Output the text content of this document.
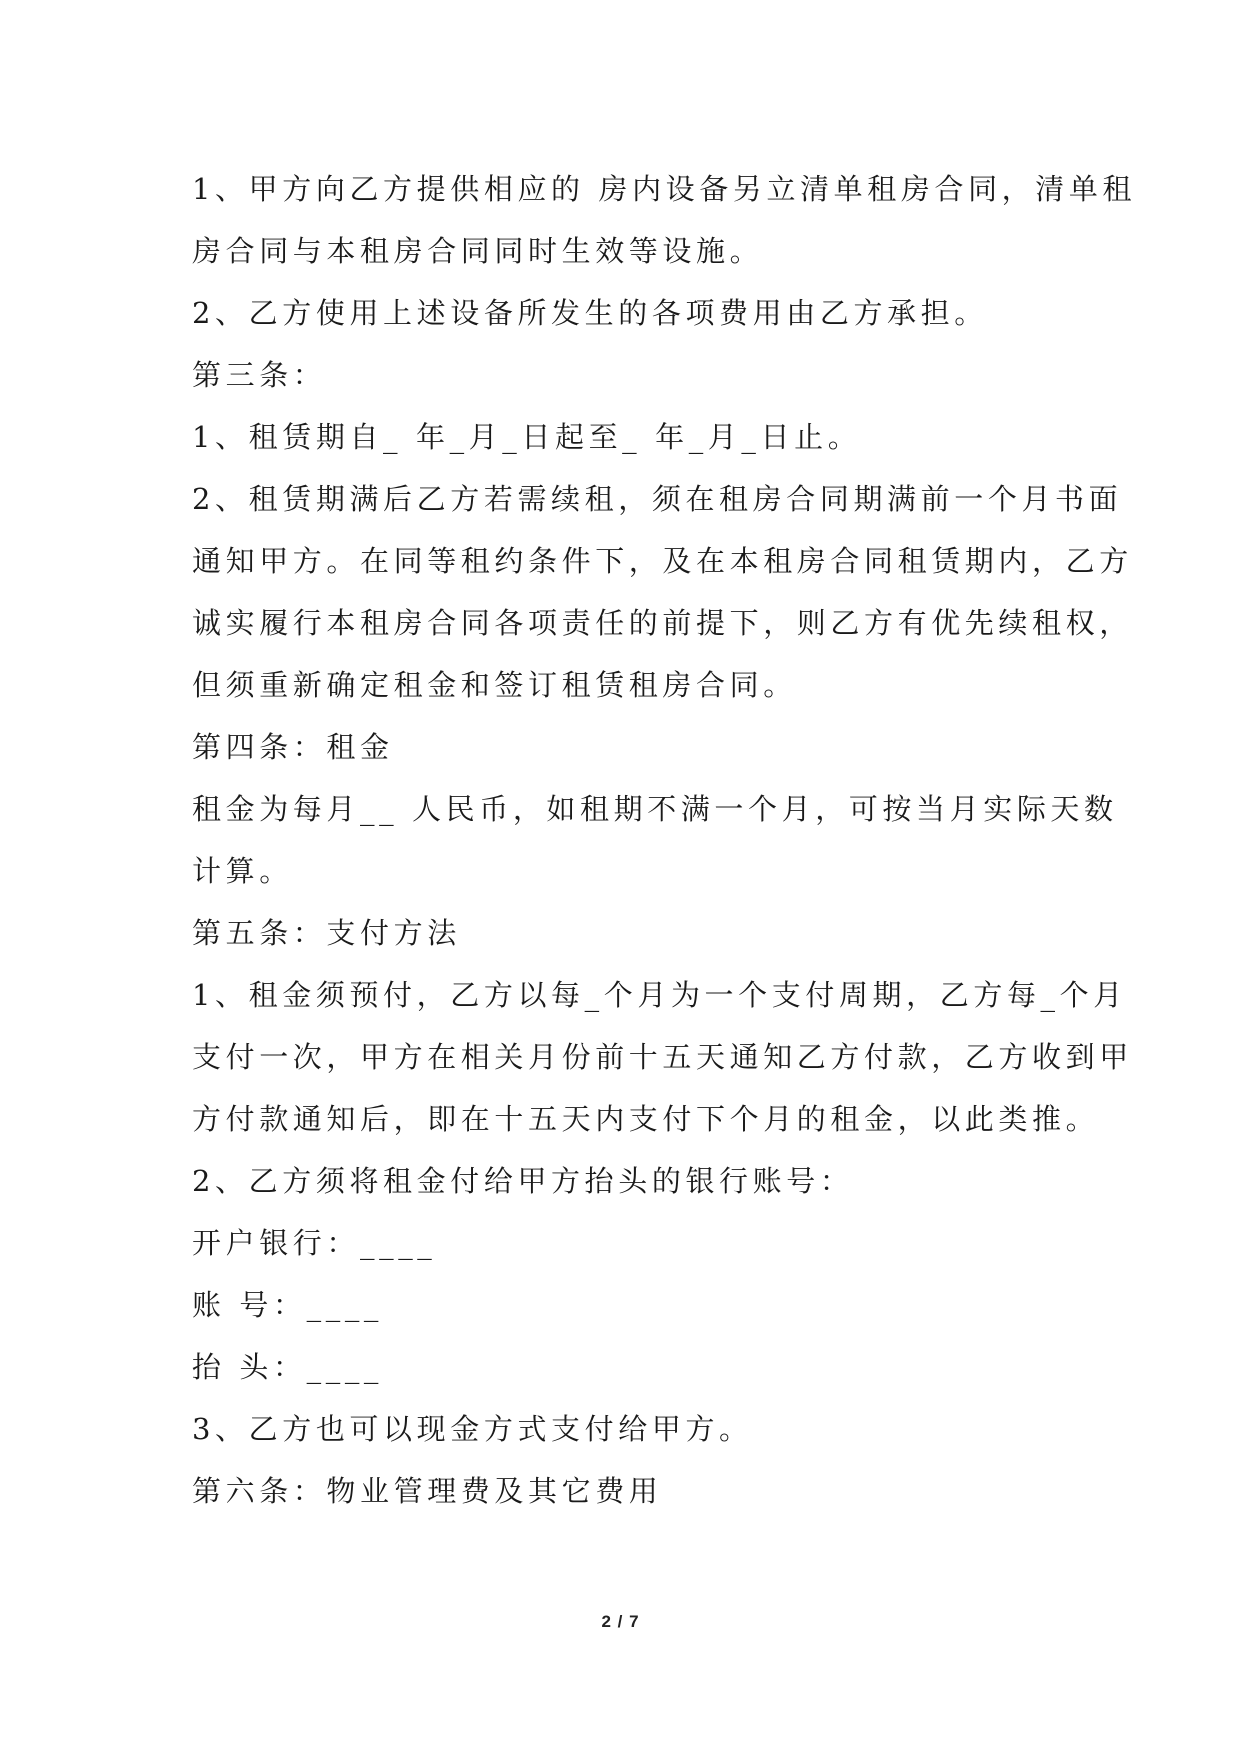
1、甲方向乙方提供相应的 房内设备另立清单租房合同，清单租

房合同与本租房合同同时生效等设施。

2、乙方使用上述设备所发生的各项费用由乙方承担。

第三条：

1、租赁期自_ 年_月_日起至_ 年_月_日止。

2、租赁期满后乙方若需续租，须在租房合同期满前一个月书面

通知甲方。在同等租约条件下，及在本租房合同租赁期内，乙方

诚实履行本租房合同各项责任的前提下，则乙方有优先续租权，

但须重新确定租金和签订租赁租房合同。

第四条：租金

租金为每月__ 人民币，如租期不满一个月，可按当月实际天数

计算。

第五条：支付方法

1、租金须预付，乙方以每_个月为一个支付周期，乙方每_个月

支付一次，甲方在相关月份前十五天通知乙方付款，乙方收到甲

方付款通知后，即在十五天内支付下个月的租金，以此类推。

2、乙方须将租金付给甲方抬头的银行账号：

开户银行：____

账 号：____

抬 头：____

3、乙方也可以现金方式支付给甲方。

第六条：物业管理费及其它费用

2 / 7
